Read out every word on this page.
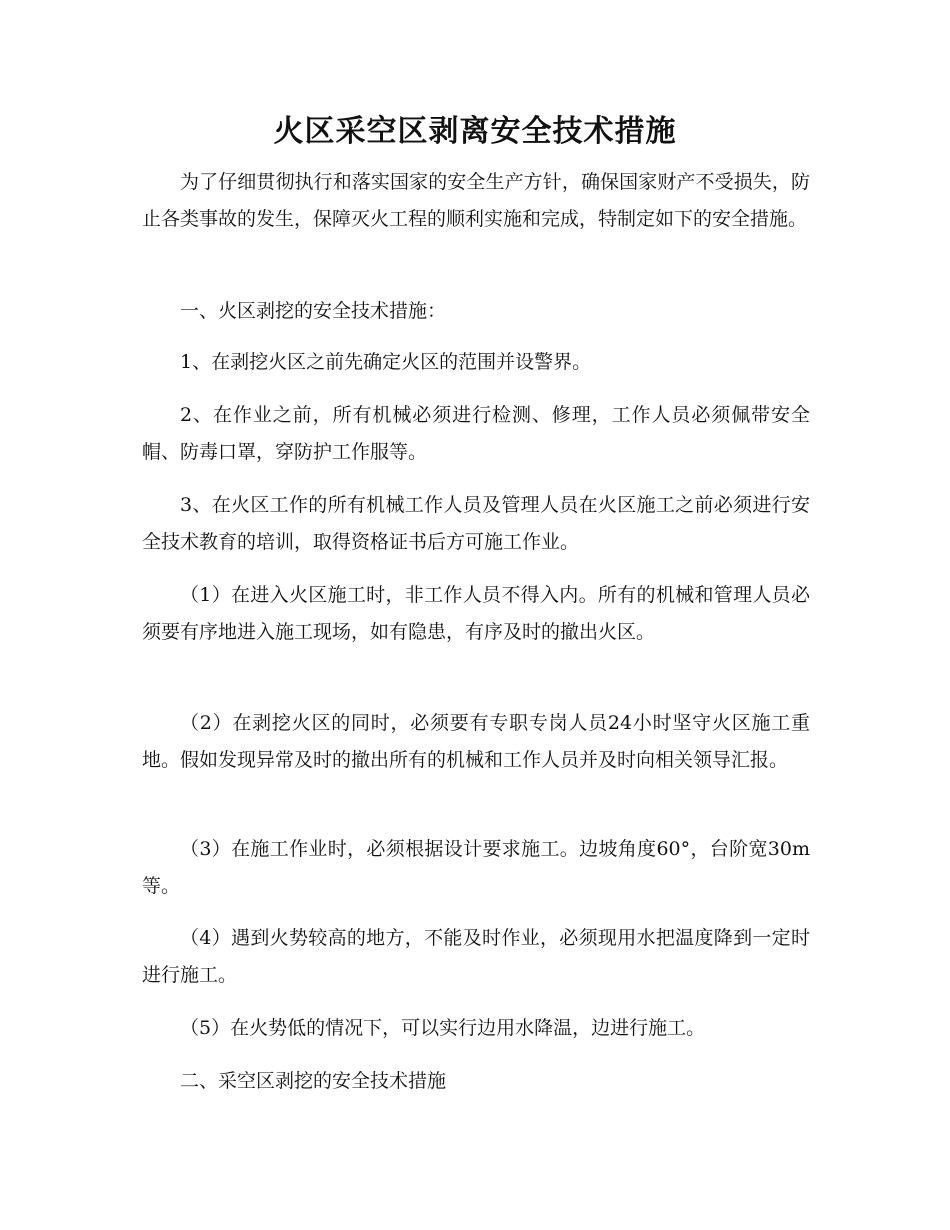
火区采空区剥离安全技术措施

为了仔细贯彻执行和落实国家的安全生产方针，确保国家财产不受损失，防止各类事故的发生，保障灭火工程的顺利实施和完成，特制定如下的安全措施。

一、火区剥挖的安全技术措施：

1、在剥挖火区之前先确定火区的范围并设警界。

2、在作业之前，所有机械必须进行检测、修理，工作人员必须佩带安全帽、防毒口罩，穿防护工作服等。

3、在火区工作的所有机械工作人员及管理人员在火区施工之前必须进行安全技术教育的培训，取得资格证书后方可施工作业。

（1）在进入火区施工时，非工作人员不得入内。所有的机械和管理人员必须要有序地进入施工现场，如有隐患，有序及时的撤出火区。

（2）在剥挖火区的同时，必须要有专职专岗人员24小时坚守火区施工重地。假如发现异常及时的撤出所有的机械和工作人员并及时向相关领导汇报。

（3）在施工作业时，必须根据设计要求施工。边坡角度60°，台阶宽30m等。

（4）遇到火势较高的地方，不能及时作业，必须现用水把温度降到一定时进行施工。

（5）在火势低的情况下，可以实行边用水降温，边进行施工。

二、采空区剥挖的安全技术措施
